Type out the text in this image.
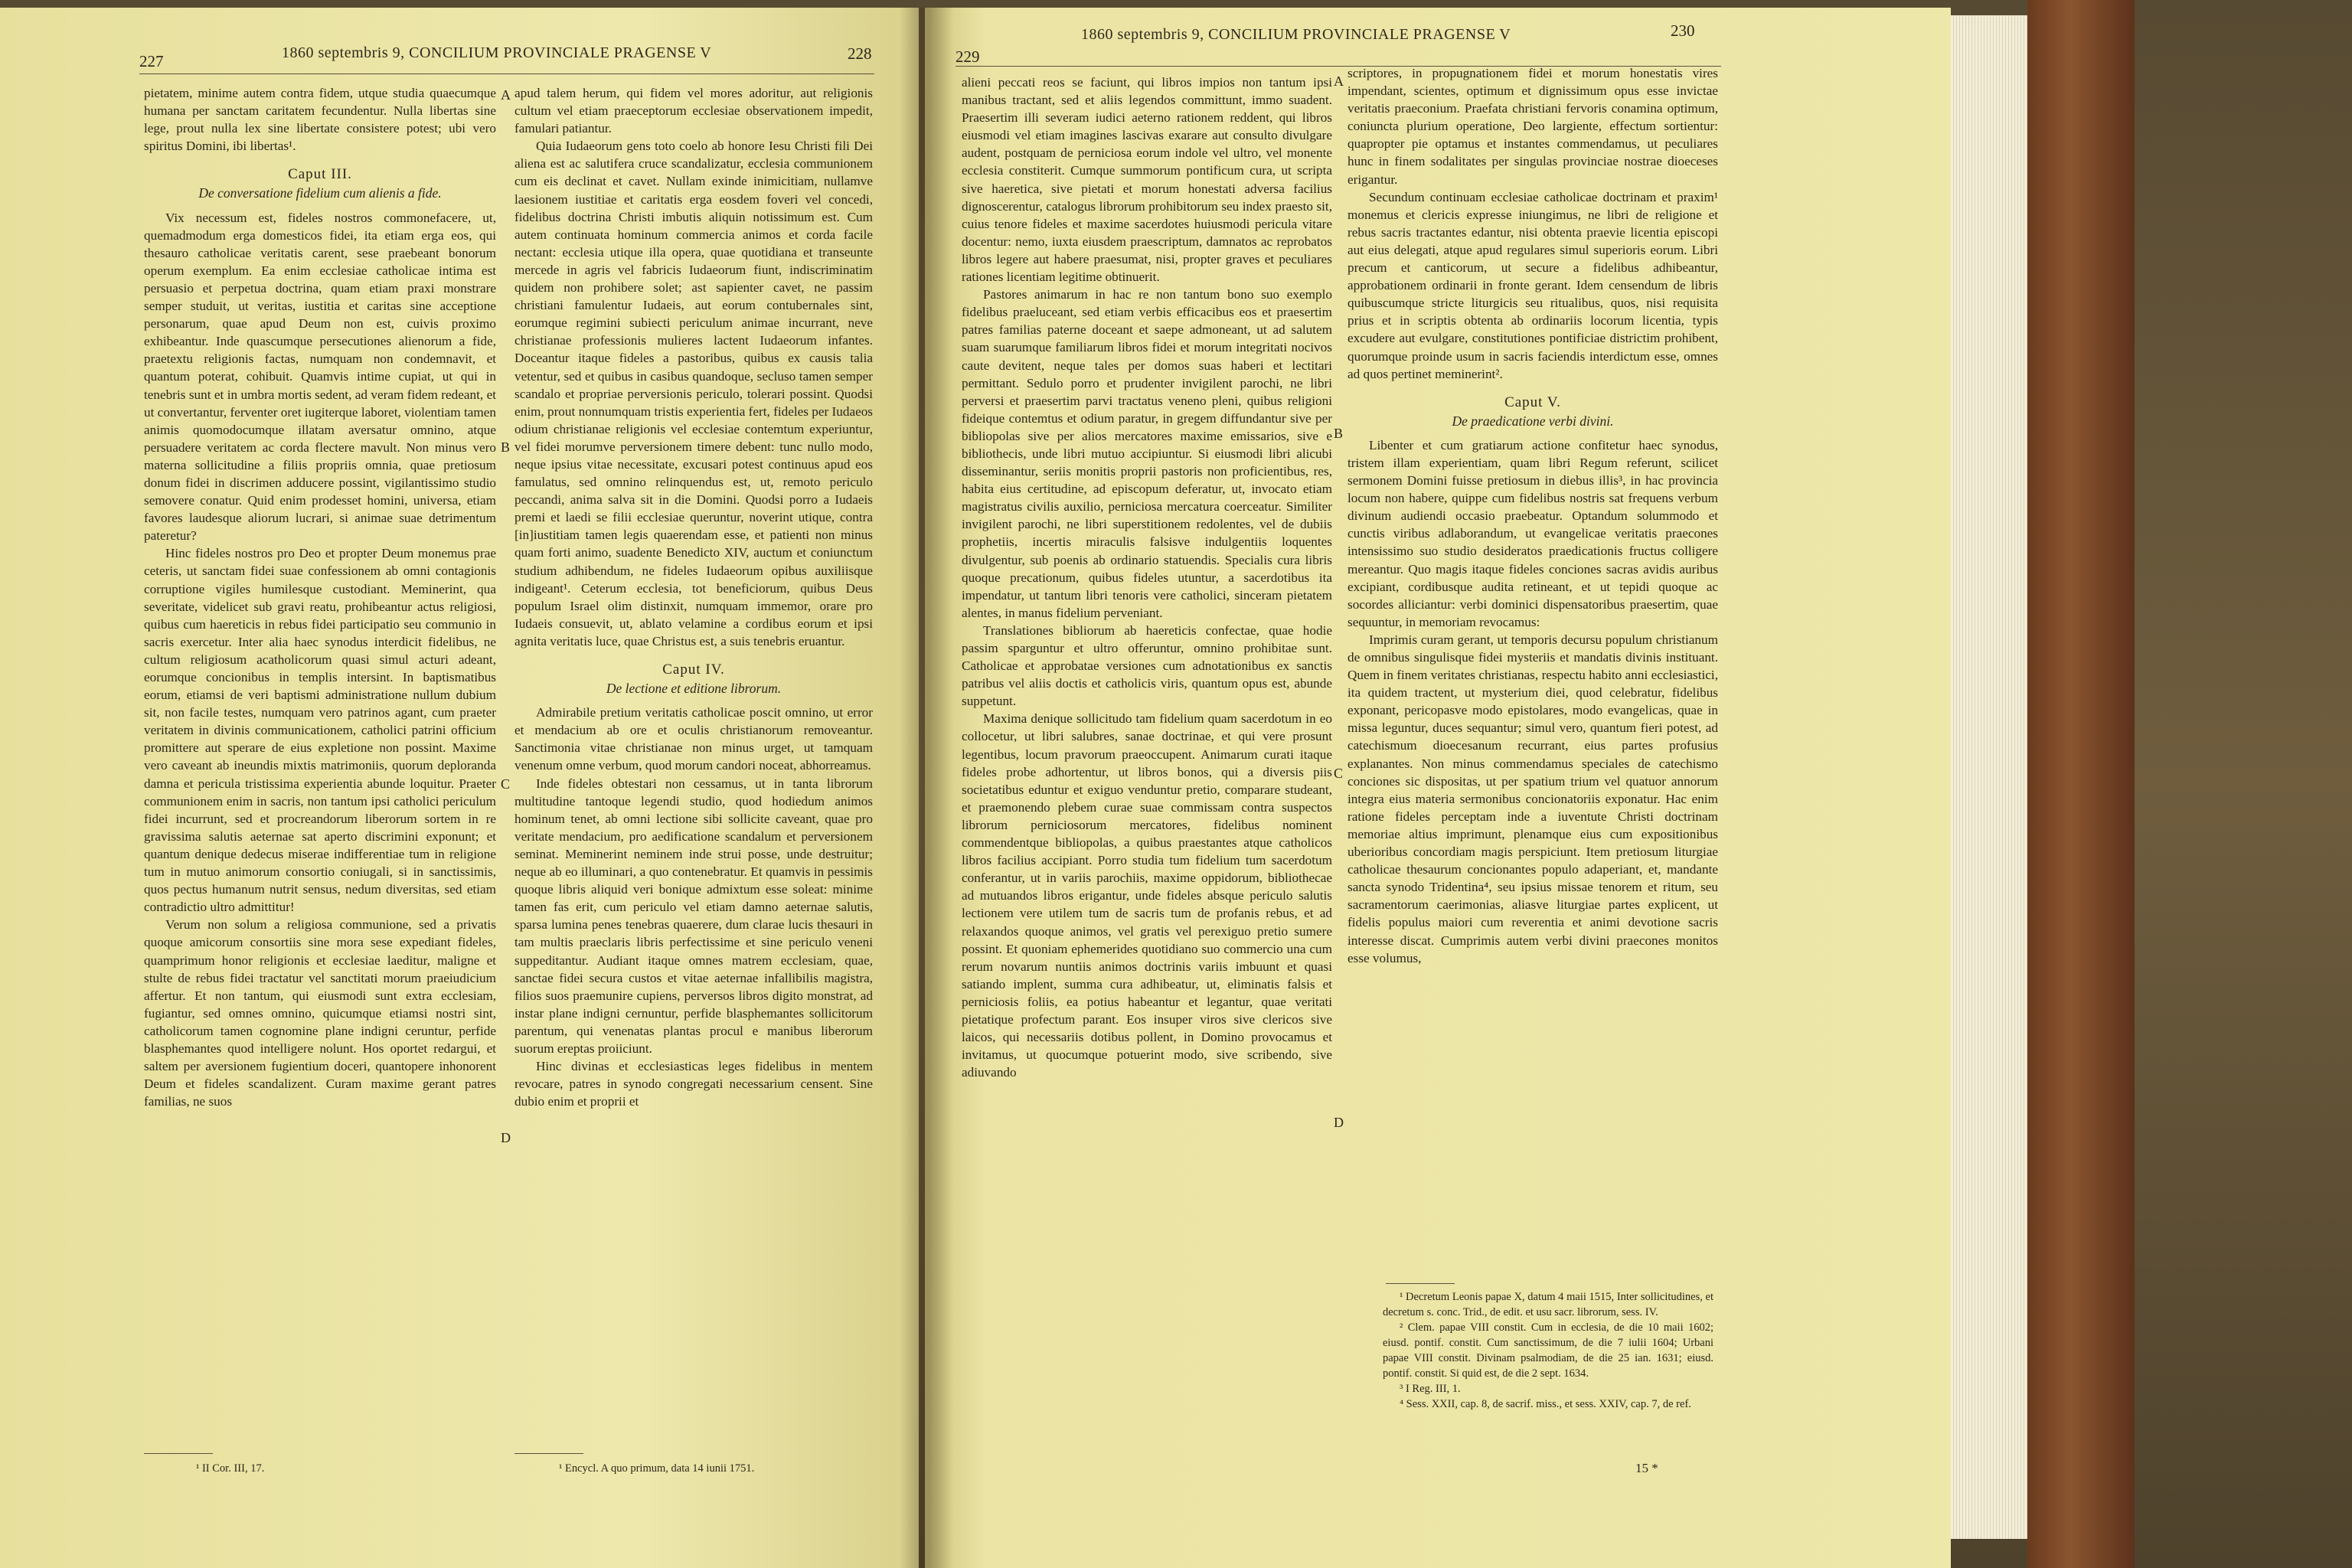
227	1860 septembris 9, CONCILIUM PROVINCIALE PRAGENSE V	228	229
1860 septembris 9, CONCILIUM PROVINCIALE PRAGENSE V	230

pietatem, minime autem contra fidem, utque studia quaecumque humana per sanctam caritatem fecundentur. Nulla libertas sine lege, prout nulla lex sine libertate consistere potest; ubi vero spiritus Domini, ibi libertas¹.

Caput III.
De conversatione fidelium cum alienis a fide.

Vix necessum est, fideles nostros commonefacere, ut, quemadmodum erga domesticos fidei, ita etiam erga eos, qui thesauro catholicae veritatis carent, sese praebeant bonorum operum exemplum. Ea enim ecclesiae catholicae intima est persuasio et perpetua doctrina, quam etiam praxi monstrare semper studuit, ut veritas, iustitia et caritas sine acceptione personarum, quae apud Deum non est, cuivis proximo exhibeantur. Inde quascumque persecutiones alienorum a fide, praetextu religionis factas, numquam non condemnavit, et quantum poterat, cohibuit. Quamvis intime cupiat, ut qui in tenebris sunt et in umbra mortis sedent, ad veram fidem redeant, et ut convertantur, ferventer oret iugiterque laboret, violentiam tamen animis quomodocumque illatam aversatur omnino, atque persuadere veritatem ac corda flectere mavult. Non minus vero materna sollicitudine a filiis propriis omnia, quae pretiosum donum fidei in discrimen adducere possint, vigilantissimo studio semovere conatur. Quid enim prodesset homini, universa, etiam favores laudesque aliorum lucrari, si animae suae detrimentum pateretur?

Hinc fideles nostros pro Deo et propter Deum monemus prae ceteris, ut sanctam fidei suae confessionem ab omni contagionis corruptione vigiles humilesque custodiant. Meminerint, qua severitate, videlicet sub gravi reatu, prohibeantur actus religiosi, quibus cum haereticis in rebus fidei participatio seu communio in sacris exercetur. Inter alia haec synodus interdicit fidelibus, ne cultum religiosum acatholicorum quasi simul acturi adeant, eorumque concionibus in templis intersint. In baptismatibus eorum, etiamsi de veri baptismi administratione nullum dubium sit, non facile testes, numquam vero patrinos agant, cum praeter veritatem in divinis communicationem, catholici patrini officium promittere aut sperare de eius expletione non possint. Maxime vero caveant ab ineundis mixtis matrimoniis, quorum deploranda damna et pericula tristissima experientia abunde loquitur. Praeter communionem enim in sacris, non tantum ipsi catholici periculum fidei incurrunt, sed et procreandorum liberorum sortem in re gravissima salutis aeternae sat aperto discrimini exponunt; et quantum denique dedecus miserae indifferentiae tum in religione tum in mutuo animorum consortio coniugali, si in sanctissimis, quos pectus humanum nutrit sensus, nedum diversitas, sed etiam contradictio ultro admittitur!

Verum non solum a religiosa communione, sed a privatis quoque amicorum consortiis sine mora sese expediant fideles, quamprimum honor religionis et ecclesiae laeditur, maligne et stulte de rebus fidei tractatur vel sanctitati morum praeiudicium affertur. Et non tantum, qui eiusmodi sunt extra ecclesiam, fugiantur, sed omnes omnino, quicumque etiamsi nostri sint, catholicorum tamen cognomine plane indigni ceruntur, perfide blasphemantes quod intelligere nolunt. Hos oportet redargui, et saltem per aversionem fugientium doceri, quantopere inhonorent Deum et fideles scandalizent. Curam maxime gerant patres familias, ne suos

¹ II Cor. III, 17.

apud talem herum, qui fidem vel mores adoritur, aut religionis cultum vel etiam praeceptorum ecclesiae observationem impedit, famulari patiantur.

Quia Iudaeorum gens toto coelo ab honore Iesu Christi fili Dei aliena est ac salutifera cruce scandalizatur, ecclesia communionem cum eis declinat et cavet. Nullam exinde inimicitiam, nullamve laesionem iustitiae et caritatis erga eosdem foveri vel concedi, fidelibus doctrina Christi imbutis aliquin notissimum est. Cum autem continuata hominum commercia animos et corda facile nectant: ecclesia utique illa opera, quae quotidiana et transeunte mercede in agris vel fabricis Iudaeorum fiunt, indiscriminatim quidem non prohibere solet; ast sapienter cavet, ne passim christiani famulentur Iudaeis, aut eorum contubernales sint, eorumque regimini subiecti periculum animae incurrant, neve christianae professionis mulieres lactent Iudaeorum infantes. Doceantur itaque fideles a pastoribus, quibus ex causis talia vetentur, sed et quibus in casibus quandoque, secluso tamen semper scandalo et propriae perversionis periculo, tolerari possint. Quodsi enim, prout nonnumquam tristis experientia fert, fideles per Iudaeos odium christianae religionis vel ecclesiae contemtum experiuntur, vel fidei morumve perversionem timere debent: tunc nullo modo, neque ipsius vitae necessitate, excusari potest continuus apud eos famulatus, sed omnino relinquendus est, ut, remoto periculo peccandi, anima salva sit in die Domini. Quodsi porro a Iudaeis premi et laedi se filii ecclesiae queruntur, noverint utique, contra [in]iustitiam tamen legis quaerendam esse, et patienti non minus quam forti animo, suadente Benedicto XIV, auctum et coniunctum studium adhibendum, ne fideles Iudaeorum opibus auxiliisque indigeant¹. Ceterum ecclesia, tot beneficiorum, quibus Deus populum Israel olim distinxit, numquam immemor, orare pro Iudaeis consuevit, ut, ablato velamine a cordibus eorum et ipsi agnita veritatis luce, quae Christus est, a suis tenebris eruantur.

Caput IV.
De lectione et editione librorum.

Admirabile pretium veritatis catholicae poscit omnino, ut error et mendacium ab ore et oculis christianorum removeantur. Sanctimonia vitae christianae non minus urget, ut tamquam venenum omne verbum, quod morum candori noceat, abhorreamus.

Inde fideles obtestari non cessamus, ut in tanta librorum multitudine tantoque legendi studio, quod hodiedum animos hominum tenet, ab omni lectione sibi sollicite caveant, quae pro veritate mendacium, pro aedificatione scandalum et perversionem seminat. Meminerint neminem inde strui posse, unde destruitur; neque ab eo illuminari, a quo contenebratur. Et quamvis in pessimis quoque libris aliquid veri bonique admixtum esse soleat: minime tamen fas erit, cum periculo vel etiam damno aeternae salutis, sparsa lumina penes tenebras quaerere, dum clarae lucis thesauri in tam multis praeclaris libris perfectissime et sine periculo veneni suppeditantur. Audiant itaque omnes matrem ecclesiam, quae, sanctae fidei secura custos et vitae aeternae infallibilis magistra, filios suos praemunire cupiens, perversos libros digito monstrat, ad instar plane indigni cernuntur, perfide blasphemantes sollicitorum parentum, qui venenatas plantas procul e manibus liberorum suorum ereptas proiiciunt.

Hinc divinas et ecclesiasticas leges fidelibus in mentem revocare, patres in synodo congregati necessarium censent. Sine dubio enim et proprii et

¹ Encycl. A quo primum, data 14 iunii 1751.

alieni peccati reos se faciunt, qui libros impios non tantum ipsi manibus tractant, sed et aliis legendos committunt, immo suadent. Praesertim illi severam iudici aeterno rationem reddent, qui libros eiusmodi vel etiam imagines lascivas exarare aut consulto divulgare audent, postquam de perniciosa eorum indole vel ultro, vel monente ecclesia constiterit. Cumque summorum pontificum cura, ut scripta sive haeretica, sive pietati et morum honestati adversa facilius dignoscerentur, catalogus librorum prohibitorum seu index praesto sit, cuius tenore fideles et maxime sacerdotes huiusmodi pericula vitare docentur: nemo, iuxta eiusdem praescriptum, damnatos ac reprobatos libros legere aut habere praesumat, nisi, propter graves et peculiares rationes licentiam legitime obtinuerit.

Pastores animarum in hac re non tantum bono suo exemplo fidelibus praeluceant, sed etiam verbis efficacibus eos et praesertim patres familias paterne doceant et saepe admoneant, ut ad salutem suam suarumque familiarum libros fidei et morum integritati nocivos caute devitent, neque tales per domos suas haberi et lectitari permittant. Sedulo porro et prudenter invigilent parochi, ne libri perversi et praesertim parvi tractatus veneno pleni, quibus religioni fideique contemtus et odium paratur, in gregem diffundantur sive per bibliopolas sive per alios mercatores maxime emissarios, sive e bibliothecis, unde libri mutuo accipiuntur. Si eiusmodi libri alicubi disseminantur, seriis monitis proprii pastoris non proficientibus, res, habita eius certitudine, ad episcopum deferatur, ut, invocato etiam magistratus civilis auxilio, perniciosa mercatura coerceatur. Similiter invigilent parochi, ne libri superstitionem redolentes, vel de dubiis prophetiis, incertis miraculis falsisve indulgentiis loquentes divulgentur, sub poenis ab ordinario statuendis. Specialis cura libris quoque precationum, quibus fideles utuntur, a sacerdotibus ita impendatur, ut tantum libri tenoris vere catholici, sinceram pietatem alentes, in manus fidelium perveniant.

Translationes bibliorum ab haereticis confectae, quae hodie passim sparguntur et ultro offeruntur, omnino prohibitae sunt. Catholicae et approbatae versiones cum adnotationibus ex sanctis patribus vel aliis doctis et catholicis viris, quantum opus est, abunde suppetunt.

Maxima denique sollicitudo tam fidelium quam sacerdotum in eo collocetur, ut libri salubres, sanae doctrinae, et qui vere prosunt legentibus, locum pravorum praeoccupent. Animarum curati itaque fideles probe adhortentur, ut libros bonos, qui a diversis piis societatibus eduntur et exiguo venduntur pretio, comparare studeant, et praemonendo plebem curae suae commissam contra suspectos librorum perniciosorum mercatores, fidelibus nominent commendentque bibliopolas, a quibus praestantes atque catholicos libros facilius accipiant. Porro studia tum fidelium tum sacerdotum conferantur, ut in variis parochiis, maxime oppidorum, bibliothecae ad mutuandos libros erigantur, unde fideles absque periculo salutis lectionem vere utilem tum de sacris tum de profanis rebus, et ad relaxandos quoque animos, vel gratis vel perexiguo pretio sumere possint. Et quoniam ephemerides quotidiano suo commercio una cum rerum novarum nuntiis animos doctrinis variis imbuunt et quasi satiando implent, summa cura adhibeatur, ut, eliminatis falsis et perniciosis foliis, ea potius habeantur et legantur, quae veritati pietatique profectum parant. Eos insuper viros sive clericos sive laicos, qui necessariis dotibus pollent, in Domino provocamus et invitamus, ut quocumque potuerint modo, sive scribendo, sive adiuvando

scriptores, in propugnationem fidei et morum honestatis vires impendant, scientes, optimum et dignissimum opus esse invictae veritatis praeconium. Praefata christiani fervoris conamina optimum, coniuncta plurium operatione, Deo largiente, effectum sortientur: quapropter pie optamus et instantes commendamus, ut peculiares hunc in finem sodalitates per singulas provinciae nostrae dioeceses erigantur.

Secundum continuam ecclesiae catholicae doctrinam et praxim¹ monemus et clericis expresse iniungimus, ne libri de religione et rebus sacris tractantes edantur, nisi obtenta praevie licentia episcopi aut eius delegati, atque apud regulares simul superioris eorum. Libri precum et canticorum, ut secure a fidelibus adhibeantur, approbationem ordinarii in fronte gerant. Idem censendum de libris quibuscumque stricte liturgicis seu ritualibus, quos, nisi requisita prius et in scriptis obtenta ab ordinariis locorum licentia, typis excudere aut evulgare, constitutiones pontificiae districtim prohibent, quorumque proinde usum in sacris faciendis interdictum esse, omnes ad quos pertinet meminerint².

Caput V.
De praedicatione verbi divini.

Libenter et cum gratiarum actione confitetur haec synodus, tristem illam experientiam, quam libri Regum referunt, scilicet sermonem Domini fuisse pretiosum in diebus illis³, in hac provincia locum non habere, quippe cum fidelibus nostris sat frequens verbum divinum audiendi occasio praebeatur. Optandum solummodo et cunctis viribus adlaborandum, ut evangelicae veritatis praecones intensissimo suo studio desideratos praedicationis fructus colligere mereantur. Quo magis itaque fideles conciones sacras avidis auribus excipiant, cordibusque audita retineant, et ut tepidi quoque ac socordes alliciantur: verbi dominici dispensatoribus praesertim, quae sequuntur, in memoriam revocamus:

Imprimis curam gerant, ut temporis decursu populum christianum de omnibus singulisque fidei mysteriis et mandatis divinis instituant. Quem in finem veritates christianas, respectu habito anni ecclesiastici, ita quidem tractent, ut mysterium diei, quod celebratur, fidelibus exponant, pericopasve modo epistolares, modo evangelicas, quae in missa leguntur, duces sequantur; simul vero, quantum fieri potest, ad catechismum dioecesanum recurrant, eius partes profusius explanantes. Non minus commendamus speciales de catechismo conciones sic dispositas, ut per spatium trium vel quatuor annorum integra eius materia sermonibus concionatoriis exponatur. Hac enim ratione fideles perceptam inde a iuventute Christi doctrinam memoriae altius imprimunt, plenamque eius cum expositionibus uberioribus concordiam magis perspiciunt. Item pretiosum liturgiae catholicae thesaurum concionantes populo adaperiant, et, mandante sancta synodo Tridentina⁴, seu ipsius missae tenorem et ritum, seu sacramentorum caerimonias, aliasve liturgiae partes explicent, ut fidelis populus maiori cum reverentia et animi devotione sacris interesse discat. Cumprimis autem verbi divini praecones monitos esse volumus,

¹ Decretum Leonis papae X, datum 4 maii 1515, Inter sollicitudines, et decretum s. conc. Trid., de edit. et usu sacr. librorum, sess. IV.

² Clem. papae VIII constit. Cum in ecclesia, de die 10 maii 1602; eiusd. pontif. constit. Cum sanctissimum, de die 7 iulii 1604; Urbani papae VIII constit. Divinam psalmodiam, de die 25 ian. 1631; eiusd. pontif. constit. Si quid est, de die 2 sept. 1634.

³ I Reg. III, 1.

⁴ Sess. XXII, cap. 8, de sacrif. miss., et sess. XXIV, cap. 7, de ref.

15 *
A
B
C
D
A
B
C
D
